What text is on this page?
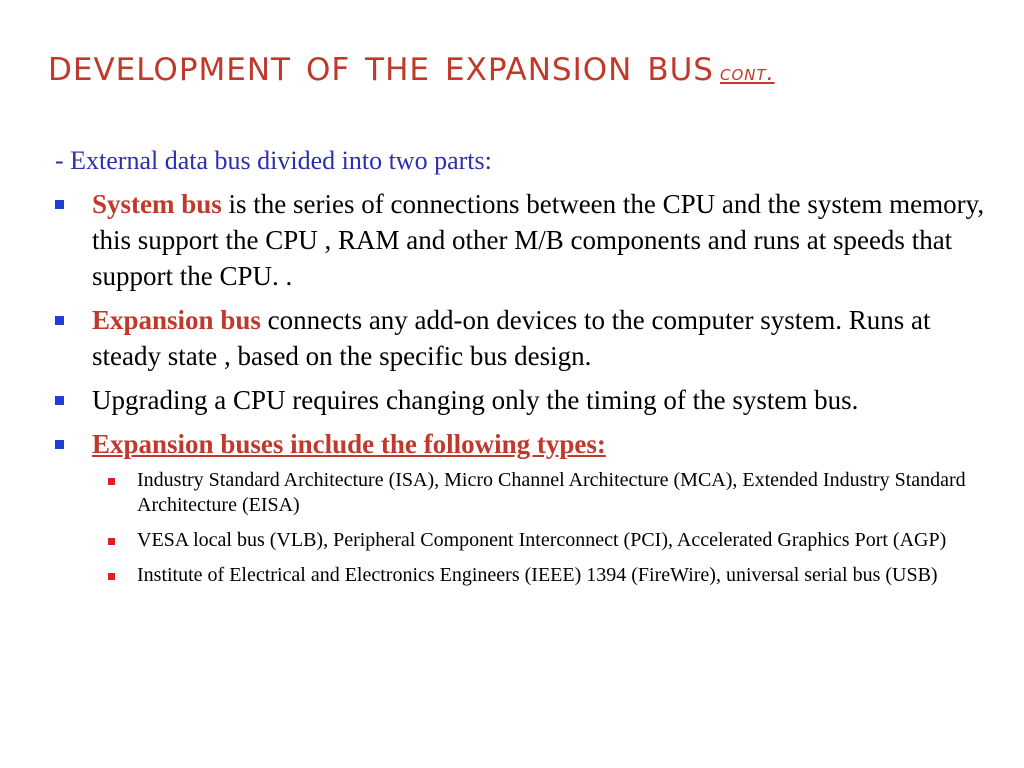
development of the expansion bus cont.
- External data bus divided into two parts:
System bus is the series of connections between the CPU and the system memory, this support the CPU , RAM and other M/B components and runs at speeds that support the CPU. .
Expansion bus connects any add-on devices to the computer system. Runs at steady state , based on the specific bus design.
Upgrading a CPU requires changing only the timing of the system bus.
Expansion buses include the following types:
Industry Standard Architecture (ISA), Micro Channel Architecture (MCA), Extended Industry Standard Architecture (EISA)
VESA local bus (VLB), Peripheral Component Interconnect (PCI), Accelerated Graphics Port (AGP)
Institute of Electrical and Electronics Engineers (IEEE) 1394 (FireWire), universal serial bus (USB)
